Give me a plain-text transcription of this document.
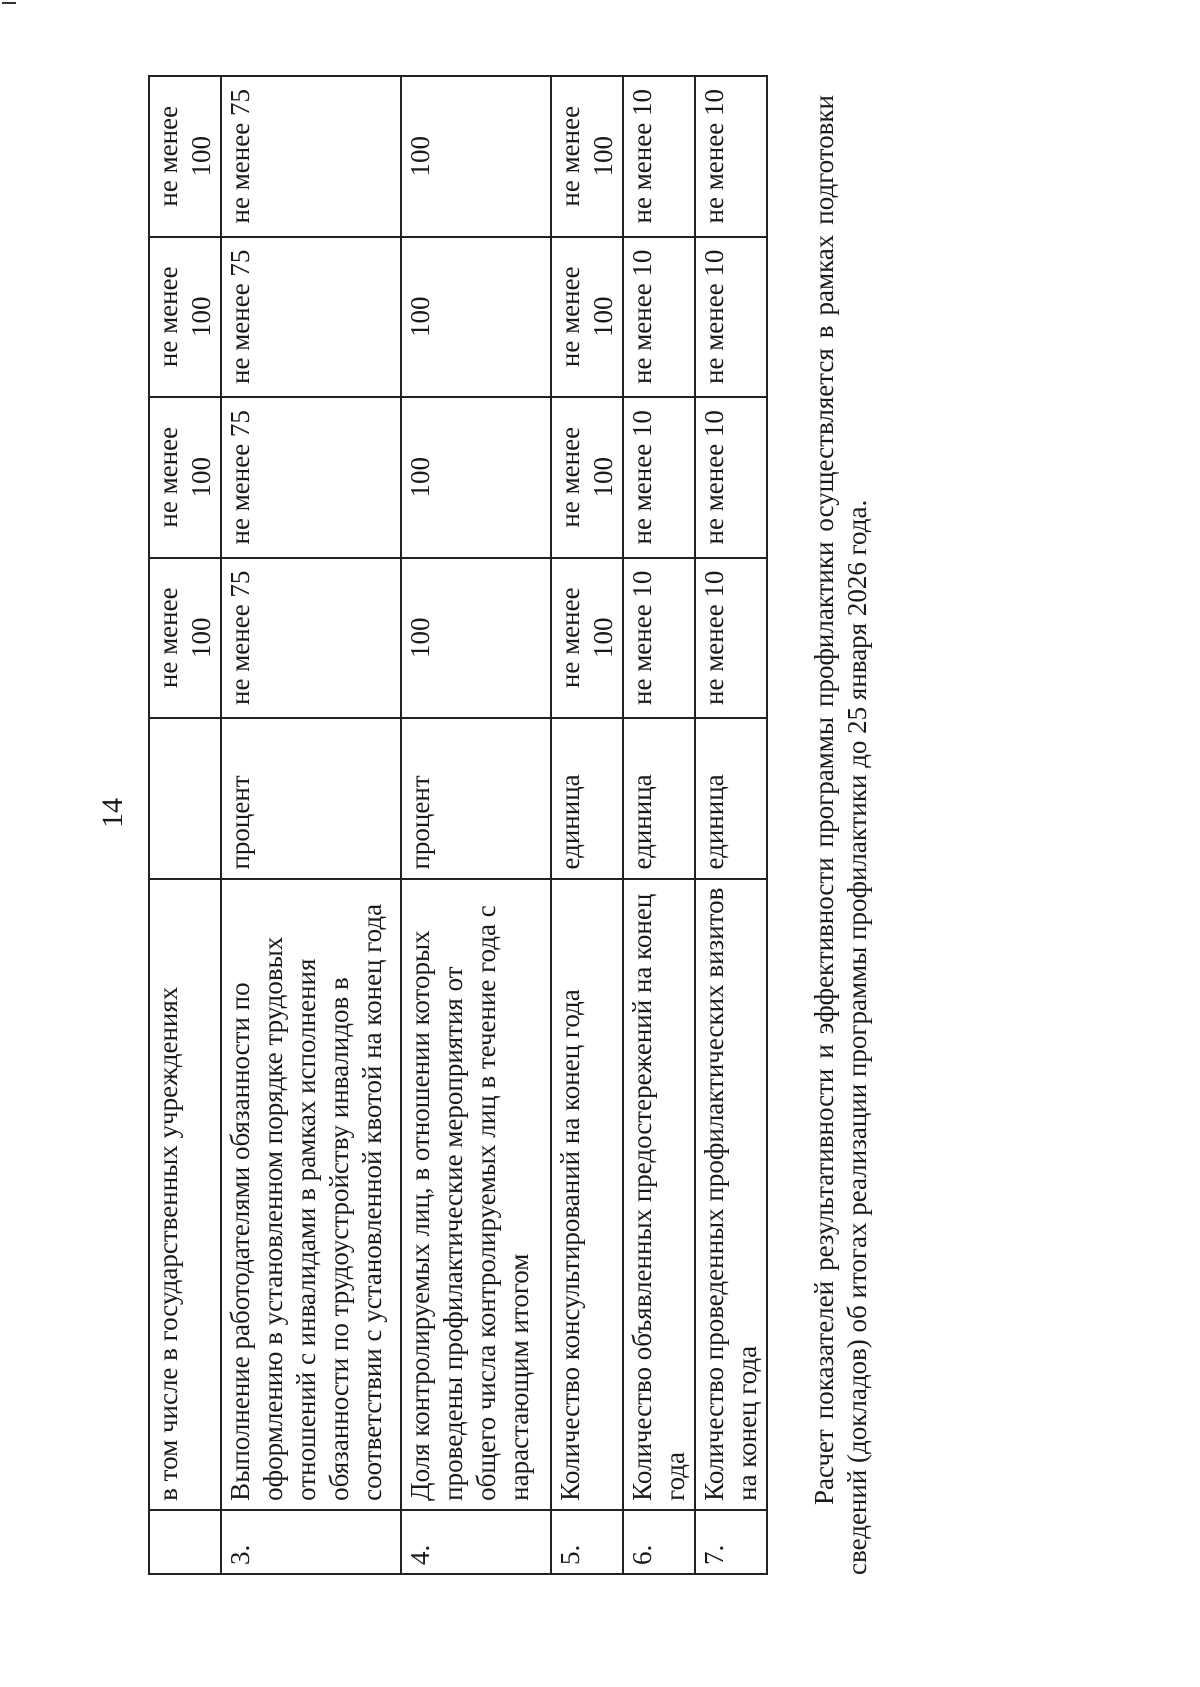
14
	в том числе в государственных учреждениях		не менее 100	не менее 100	не менее 100	не менее 100
3.	Выполнение работодателями обязанности по оформлению в установленном порядке трудовых отношений с инвалидами в рамках исполнения обязанности по трудоустройству инвалидов в соответствии с установленной квотой на конец года	процент	не менее 75	не менее 75	не менее 75	не менее 75
4.	Доля контролируемых лиц, в отношении которых проведены профилактические мероприятия от общего числа контролируемых лиц в течение года с нарастающим итогом	процент	100	100	100	100
5.	Количество консультирований на конец года	единица	не менее 100	не менее 100	не менее 100	не менее 100
6.	Количество объявленных предостережений на конец года	единица	не менее 10	не менее 10	не менее 10	не менее 10
7.	Количество проведенных профилактических визитов на конец года	единица	не менее 10	не менее 10	не менее 10	не менее 10	Расчет показателей результативности и эффективности программы профилактики осуществляется в рамках подготовки сведений (докладов) об итогах реализации программы профилактики до 25 января 2026 года.
